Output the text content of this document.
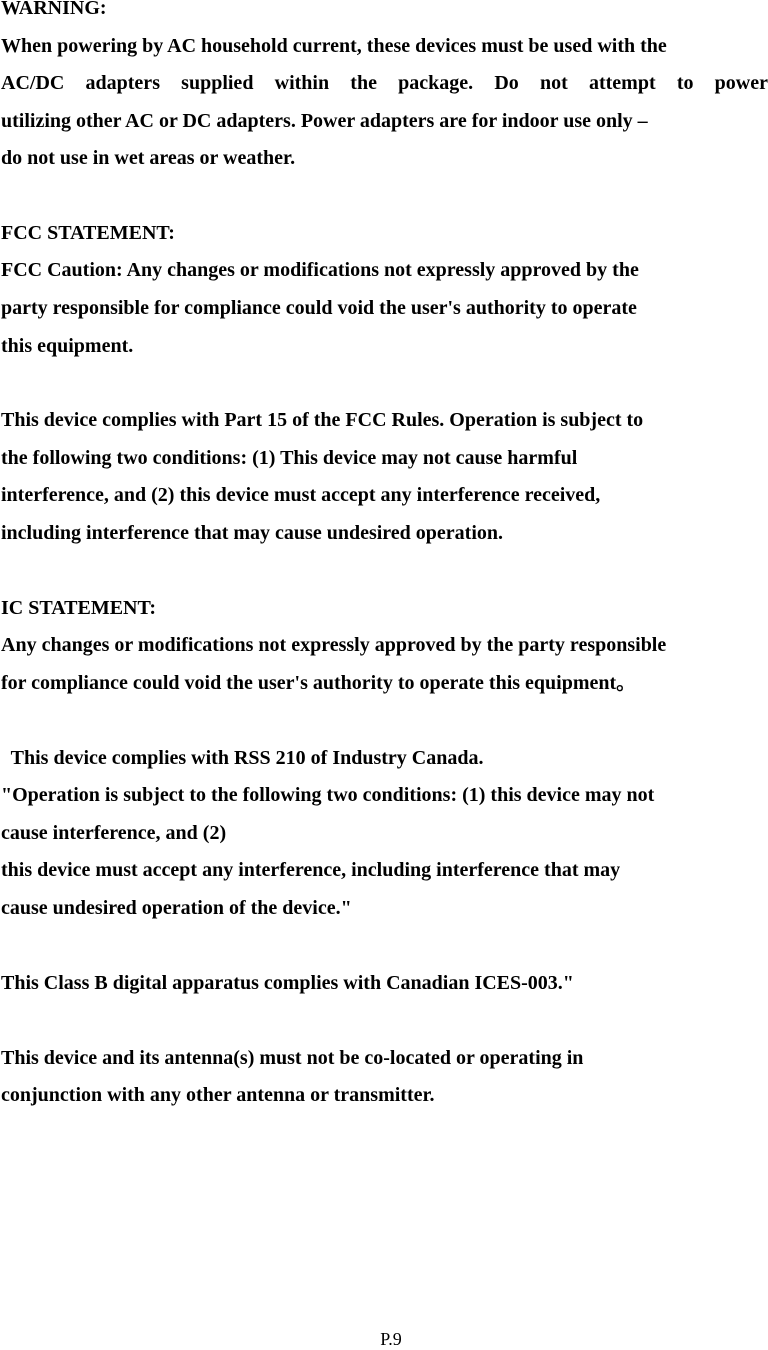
WARNING:
When powering by AC household current, these devices must be used with the
AC/DC adapters supplied within the package. Do not attempt to power
utilizing other AC or DC adapters. Power adapters are for indoor use only –
do not use in wet areas or weather.
FCC STATEMENT:
FCC Caution: Any changes or modifications not expressly approved by the
party responsible for compliance could void the user's authority to operate
this equipment.
This device complies with Part 15 of the FCC Rules. Operation is subject to
the following two conditions: (1) This device may not cause harmful
interference, and (2) this device must accept any interference received,
including interference that may cause undesired operation.
IC STATEMENT:
Any changes or modifications not expressly approved by the party responsible
for compliance could void the user's authority to operate this equipment。
This device complies with RSS 210 of Industry Canada.
"Operation is subject to the following two conditions: (1) this device may not
cause interference, and (2)
this device must accept any interference, including interference that may
cause undesired operation of the device."
This Class B digital apparatus complies with Canadian ICES-003."
This device and its antenna(s) must not be co-located or operating in
conjunction with any other antenna or transmitter.
P.9
